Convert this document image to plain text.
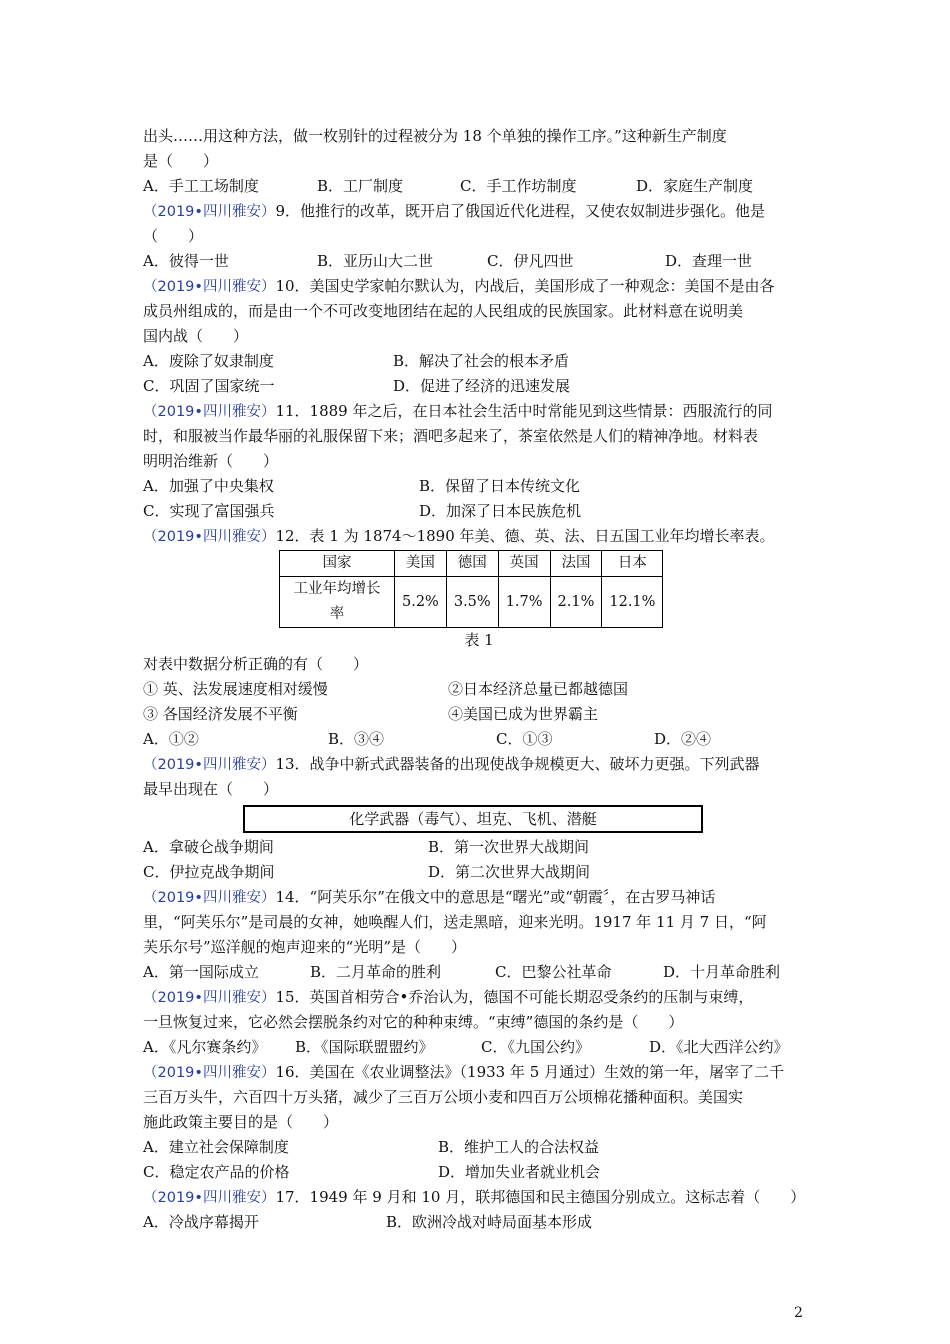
出头……用这种方法，做一枚别针的过程被分为 18 个单独的操作工序。”这种新生产制度
是（　　）
A．手工工场制度	B．工厂制度	C．手工作坊制度	D．家庭生产制度
（2019•四川雅安）9．他推行的改革，既开启了俄国近代化进程，又使农奴制进步强化。他是
（　　）
A．彼得一世	B．亚历山大二世	C．伊凡四世	D．查理一世
（2019•四川雅安）10．美国史学家帕尔默认为，内战后，美国形成了一种观念：美国不是由各
成员州组成的，而是由一个不可改变地团结在起的人民组成的民族国家。此材料意在说明美
国内战（　　）
A．废除了奴隶制度	B．解决了社会的根本矛盾
C．巩固了国家统一	D．促进了经济的迅速发展
（2019•四川雅安）11．1889 年之后，在日本社会生活中时常能见到这些情景：西服流行的同
时，和服被当作最华丽的礼服保留下来；酒吧多起来了，茶室依然是人们的精神净地。材料表
明明治维新（　　）
A．加强了中央集权	B．保留了日本传统文化
C．实现了富国强兵	D．加深了日本民族危机
（2019•四川雅安）12．表 1 为 1874～1890 年美、德、英、法、日五国工业年均增长率表。
国家	美国	德国	英国	法国	日本
工业年均增长率	5.2%	3.5%	1.7%	2.1%	12.1%
表 1
对表中数据分析正确的有（　　）
① 英、法发展速度相对缓慢	②日本经济总量已都越德国
③ 各国经济发展不平衡	④美国已成为世界霸主
A．①②	B．③④	C．①③	D．②④
（2019•四川雅安）13．战争中新式武器装备的出现使战争规模更大、破坏力更强。下列武器
最早出现在（　　）
化学武器（毒气）、坦克、飞机、潜艇
A．拿破仑战争期间	B．第一次世界大战期间
C．伊拉克战争期间	D．第二次世界大战期间
（2019•四川雅安）14．“阿芙乐尔”在俄文中的意思是“曙光”或“朝霞〞，在古罗马神话
里，“阿芙乐尔”是司晨的女神，她唤醒人们，送走黑暗，迎来光明。1917 年 11 月 7 日，“阿
芙乐尔号”巡洋舰的炮声迎来的“光明”是（　　）
A．第一国际成立	B．二月革命的胜利	C．巴黎公社革命	D．十月革命胜利
（2019•四川雅安）15．英国首相劳合•乔治认为，德国不可能长期忍受条约的压制与束缚，
一旦恢复过来，它必然会摆脱条约对它的种种束缚。“束缚”德国的条约是（　　）
A．《凡尔赛条约》	B．《国际联盟盟约》	C．《九国公约》	D．《北大西洋公约》
（2019•四川雅安）16．美国在《农业调整法》（1933 年 5 月通过）生效的第一年，屠宰了二千
三百万头牛，六百四十万头猪，减少了三百万公顷小麦和四百万公顷棉花播种面积。美国实
施此政策主要目的是（　　）
A．建立社会保障制度	B．维护工人的合法权益
C．稳定农产品的价格	D．增加失业者就业机会
（2019•四川雅安）17．1949 年 9 月和 10 月，联邦德国和民主德国分别成立。这标志着（　　）
A．冷战序幕揭开	B．欧洲冷战对峙局面基本形成
2
